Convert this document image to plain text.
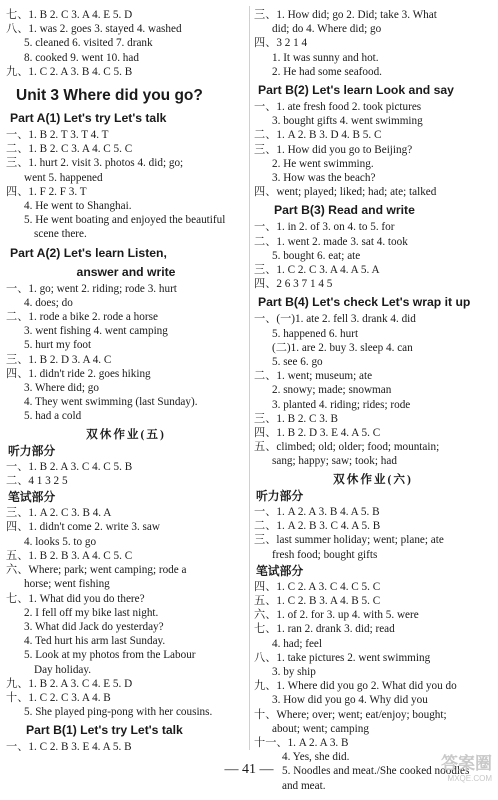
七、1. B 2. C 3. A 4. E 5. D
八、1. was 2. goes 3. stayed 4. washed
5. cleaned 6. visited 7. drank
8. cooked 9. went 10. had
九、1. C 2. A 3. B 4. C 5. B
Unit 3 Where did you go?
Part A(1) Let's try Let's talk
一、1. B 2. T 3. T 4. T
二、1. B 2. C 3. A 4. C 5. C
三、1. hurt 2. visit 3. photos 4. did; go;
went 5. happened
四、1. F 2. F 3. T
4. He went to Shanghai.
5. He went boating and enjoyed the beautiful
scene there.
Part A(2) Let's learn Listen,
answer and write
一、1. go; went 2. riding; rode 3. hurt
4. does; do
二、1. rode a bike 2. rode a horse
3. went fishing 4. went camping
5. hurt my foot
三、1. B 2. D 3. A 4. C
四、1. didn't ride 2. goes hiking
3. Where did; go
4. They went swimming (last Sunday).
5. had a cold
双休作业(五)
听力部分
一、1. B 2. A 3. C 4. C 5. B
二、4 1 3 2 5
笔试部分
三、1. A 2. C 3. B 4. A
四、1. didn't come 2. write 3. saw
4. looks 5. to go
五、1. B 2. B 3. A 4. C 5. C
六、Where; park; went camping; rode a
horse; went fishing
七、1. What did you do there?
2. I fell off my bike last night.
3. What did Jack do yesterday?
4. Ted hurt his arm last Sunday.
5. Look at my photos from the Labour
Day holiday.
九、1. B 2. A 3. C 4. E 5. D
十、1. C 2. C 3. A 4. B
5. She played ping-pong with her cousins.
Part B(1) Let's try Let's talk
一、1. C 2. B 3. E 4. A 5. B
三、1. How did; go 2. Did; take 3. What
did; do 4. Where did; go
四、3 2 1 4
1. It was sunny and hot.
2. He had some seafood.
Part B(2) Let's learn Look and say
一、1. ate fresh food 2. took pictures
3. bought gifts 4. went swimming
二、1. A 2. B 3. D 4. B 5. C
三、1. How did you go to Beijing?
2. He went swimming.
3. How was the beach?
四、went; played; liked; had; ate; talked
Part B(3) Read and write
一、1. in 2. of 3. on 4. to 5. for
二、1. went 2. made 3. sat 4. took
5. bought 6. eat; ate
三、1. C 2. C 3. A 4. A 5. A
四、2 6 3 7 1 4 5
Part B(4) Let's check Let's wrap it up
一、(一)1. ate 2. fell 3. drank 4. did
5. happened 6. hurt
(二)1. are 2. buy 3. sleep 4. can
5. see 6. go
二、1. went; museum; ate
2. snowy; made; snowman
3. planted 4. riding; rides; rode
三、1. B 2. C 3. B
四、1. B 2. D 3. E 4. A 5. C
五、climbed; old; older; food; mountain;
sang; happy; saw; took; had
双休作业(六)
听力部分
一、1. A 2. A 3. B 4. A 5. B
二、1. A 2. B 3. C 4. A 5. B
三、last summer holiday; went; plane; ate
fresh food; bought gifts
笔试部分
四、1. C 2. A 3. C 4. C 5. C
五、1. C 2. B 3. A 4. B 5. C
六、1. of 2. for 3. up 4. with 5. were
七、1. ran 2. drank 3. did; read
4. had; feel
八、1. take pictures 2. went swimming
3. by ship
九、1. Where did you go 2. What did you do
3. How did you go 4. Why did you
十、Where; over; went; eat/enjoy; bought;
about; went; camping
十一、1. A 2. A 3. B
4. Yes, she did.
5. Noodles and meat./She cooked noodles
and meat.
— 41 —	答案圈
MXQE.COM
